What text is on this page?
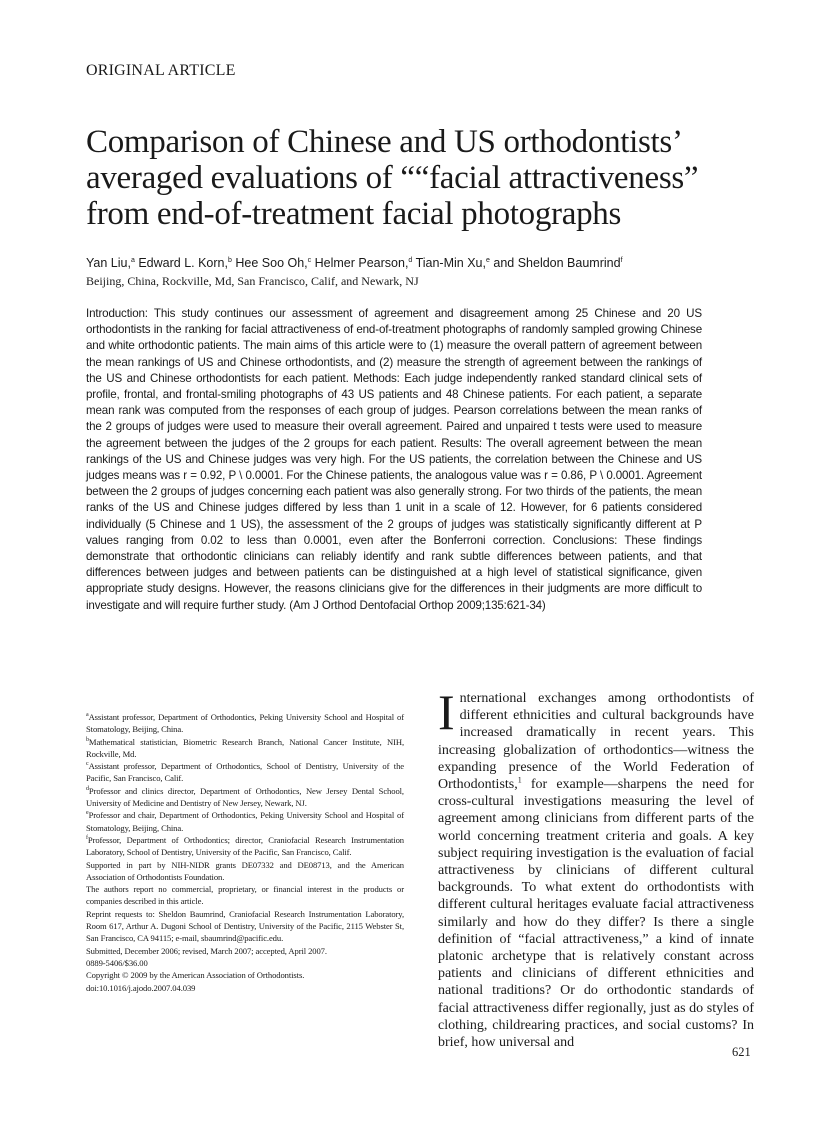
ORIGINAL ARTICLE
Comparison of Chinese and US orthodontists’
averaged evaluations of ““facial attractiveness”
from end-of-treatment facial photographs
Yan Liu,$^a$ Edward L. Korn,$^b$ Hee Soo Oh,$^c$ Helmer Pearson,$^d$ Tian-Min Xu,$^e$ and Sheldon Baumrind$^f$
Beijing, China, Rockville, Md, San Francisco, Calif, and Newark, NJ

Introduction: This study continues our assessment of agreement and disagreement among 25 Chinese and 20 US orthodontists in the ranking for facial attractiveness of end-of-treatment photographs of randomly sampled growing Chinese and white orthodontic patients. The main aims of this article were to (1) measure the overall pattern of agreement between the mean rankings of US and Chinese orthodontists, and (2) measure the strength of agreement between the rankings of the US and Chinese orthodontists for each patient. Methods: Each judge independently ranked standard clinical sets of profile, frontal, and frontal-smiling photographs of 43 US patients and 48 Chinese patients. For each patient, a separate mean rank was computed from the responses of each group of judges. Pearson correlations between the mean ranks of the 2 groups of judges were used to measure their overall agreement. Paired and unpaired t tests were used to measure the agreement between the judges of the 2 groups for each patient. Results: The overall agreement between the mean rankings of the US and Chinese judges was very high. For the US patients, the correlation between the Chinese and US judges means was r = 0.92, P \ 0.0001. For the Chinese patients, the analogous value was r = 0.86, P \ 0.0001. Agreement between the 2 groups of judges concerning each patient was also generally strong. For two thirds of the patients, the mean ranks of the US and Chinese judges differed by less than 1 unit in a scale of 12. However, for 6 patients considered individually (5 Chinese and 1 US), the assessment of the 2 groups of judges was statistically significantly different at P values ranging from 0.02 to less than 0.0001, even after the Bonferroni correction. Conclusions: These findings demonstrate that orthodontic clinicians can reliably identify and rank subtle differences between patients, and that differences between judges and between patients can be distinguished at a high level of statistical significance, given appropriate study designs. However, the reasons clinicians give for the differences in their judgments are more difficult to investigate and will require further study. (Am J Orthod Dentofacial Orthop 2009;135:621-34)

$^a$Assistant professor, Department of Orthodontics, Peking University School and Hospital of Stomatology, Beijing, China.

$^b$Mathematical statistician, Biometric Research Branch, National Cancer Institute, NIH, Rockville, Md.

$^c$Assistant professor, Department of Orthodontics, School of Dentistry, University of the Pacific, San Francisco, Calif.

$^d$Professor and clinics director, Department of Orthodontics, New Jersey Dental School, University of Medicine and Dentistry of New Jersey, Newark, NJ.

$^e$Professor and chair, Department of Orthodontics, Peking University School and Hospital of Stomatology, Beijing, China.

$^f$Professor, Department of Orthodontics; director, Craniofacial Research Instrumentation Laboratory, School of Dentistry, University of the Pacific, San Francisco, Calif.

Supported in part by NIH-NIDR grants DE07332 and DE08713, and the American Association of Orthodontists Foundation.

The authors report no commercial, proprietary, or financial interest in the products or companies described in this article.

Reprint requests to: Sheldon Baumrind, Craniofacial Research Instrumentation Laboratory, Room 617, Arthur A. Dugoni School of Dentistry, University of the Pacific, 2115 Webster St, San Francisco, CA 94115; e-mail, sbaumrind@pacific.edu.

Submitted, December 2006; revised, March 2007; accepted, April 2007.

0889-5406/$36.00

Copyright © 2009 by the American Association of Orthodontists.

doi:10.1016/j.ajodo.2007.04.039

International exchanges among orthodontists of different ethnicities and cultural backgrounds have increased dramatically in recent years. This increasing globalization of orthodontics—witness the expanding presence of the World Federation of Orthodontists,$^1$ for example—sharpens the need for cross-cultural investigations measuring the level of agreement among clinicians from different parts of the world concerning treatment criteria and goals. A key subject requiring investigation is the evaluation of facial attractiveness by clinicians of different cultural backgrounds. To what extent do orthodontists with different cultural heritages evaluate facial attractiveness similarly and how do they differ? Is there a single definition of “facial attractiveness,” a kind of innate platonic archetype that is relatively constant across patients and clinicians of different ethnicities and national traditions? Or do orthodontic standards of facial attractiveness differ regionally, just as do styles of clothing, childrearing practices, and social customs? In brief, how universal and

621
